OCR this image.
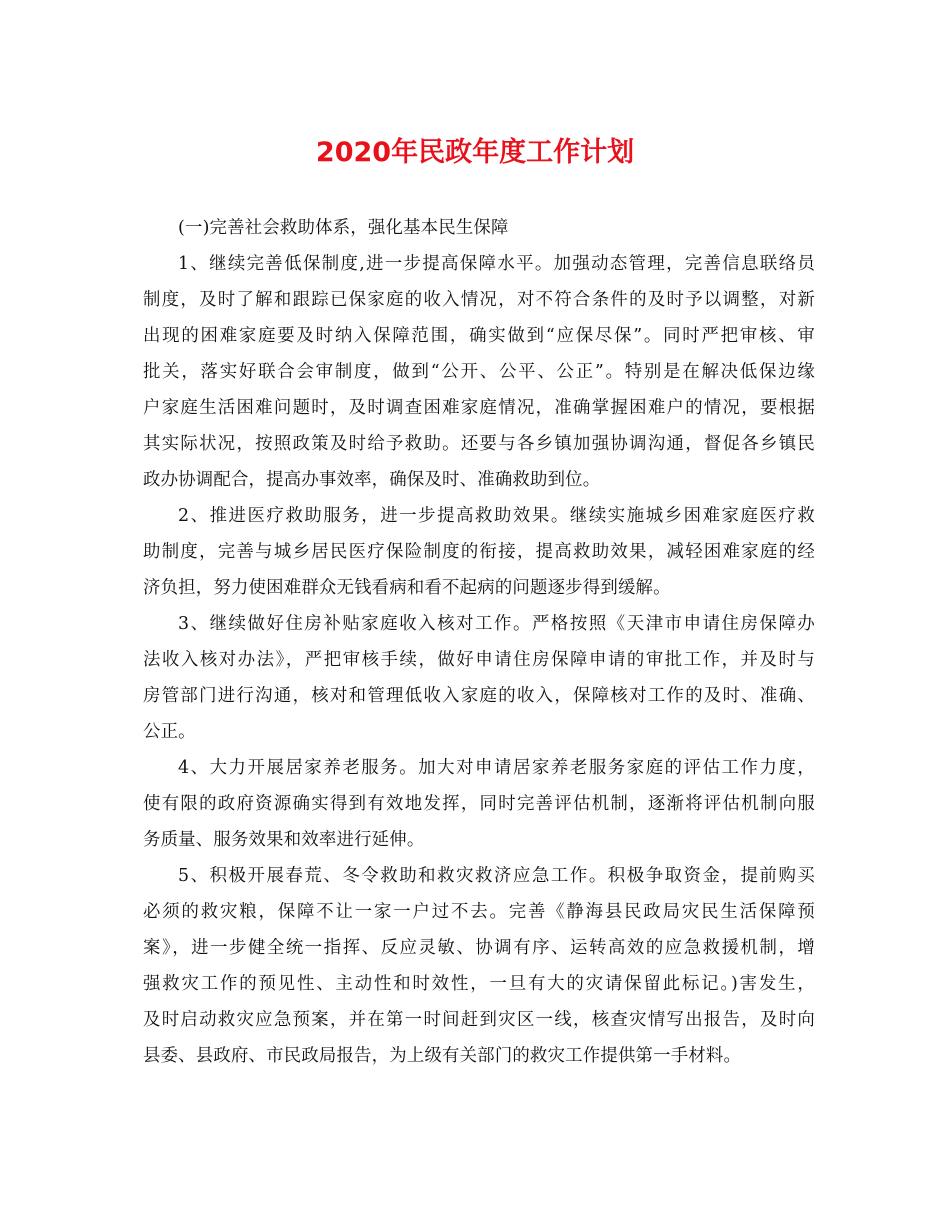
2020年民政年度工作计划
(一)完善社会救助体系，强化基本民生保障
1、继续完善低保制度,进一步提高保障水平。加强动态管理，完善信息联络员
制度，及时了解和跟踪已保家庭的收入情况，对不符合条件的及时予以调整，对新
出现的困难家庭要及时纳入保障范围，确实做到“应保尽保”。同时严把审核、审
批关，落实好联合会审制度，做到“公开、公平、公正”。特别是在解决低保边缘
户家庭生活困难问题时，及时调查困难家庭情况，准确掌握困难户的情况，要根据
其实际状况，按照政策及时给予救助。还要与各乡镇加强协调沟通，督促各乡镇民
政办协调配合，提高办事效率，确保及时、准确救助到位。
2、推进医疗救助服务，进一步提高救助效果。继续实施城乡困难家庭医疗救
助制度，完善与城乡居民医疗保险制度的衔接，提高救助效果，减轻困难家庭的经
济负担，努力使困难群众无钱看病和看不起病的问题逐步得到缓解。
3、继续做好住房补贴家庭收入核对工作。严格按照《天津市申请住房保障办
法收入核对办法》，严把审核手续，做好申请住房保障申请的审批工作，并及时与
房管部门进行沟通，核对和管理低收入家庭的收入，保障核对工作的及时、准确、
公正。
4、大力开展居家养老服务。加大对申请居家养老服务家庭的评估工作力度，
使有限的政府资源确实得到有效地发挥，同时完善评估机制，逐渐将评估机制向服
务质量、服务效果和效率进行延伸。
5、积极开展春荒、冬令救助和救灾救济应急工作。积极争取资金，提前购买
必须的救灾粮，保障不让一家一户过不去。完善《静海县民政局灾民生活保障预
案》，进一步健全统一指挥、反应灵敏、协调有序、运转高效的应急救援机制，增
强救灾工作的预见性、主动性和时效性，一旦有大的灾请保留此标记。)害发生，
及时启动救灾应急预案，并在第一时间赶到灾区一线，核查灾情写出报告，及时向
县委、县政府、市民政局报告，为上级有关部门的救灾工作提供第一手材料。
